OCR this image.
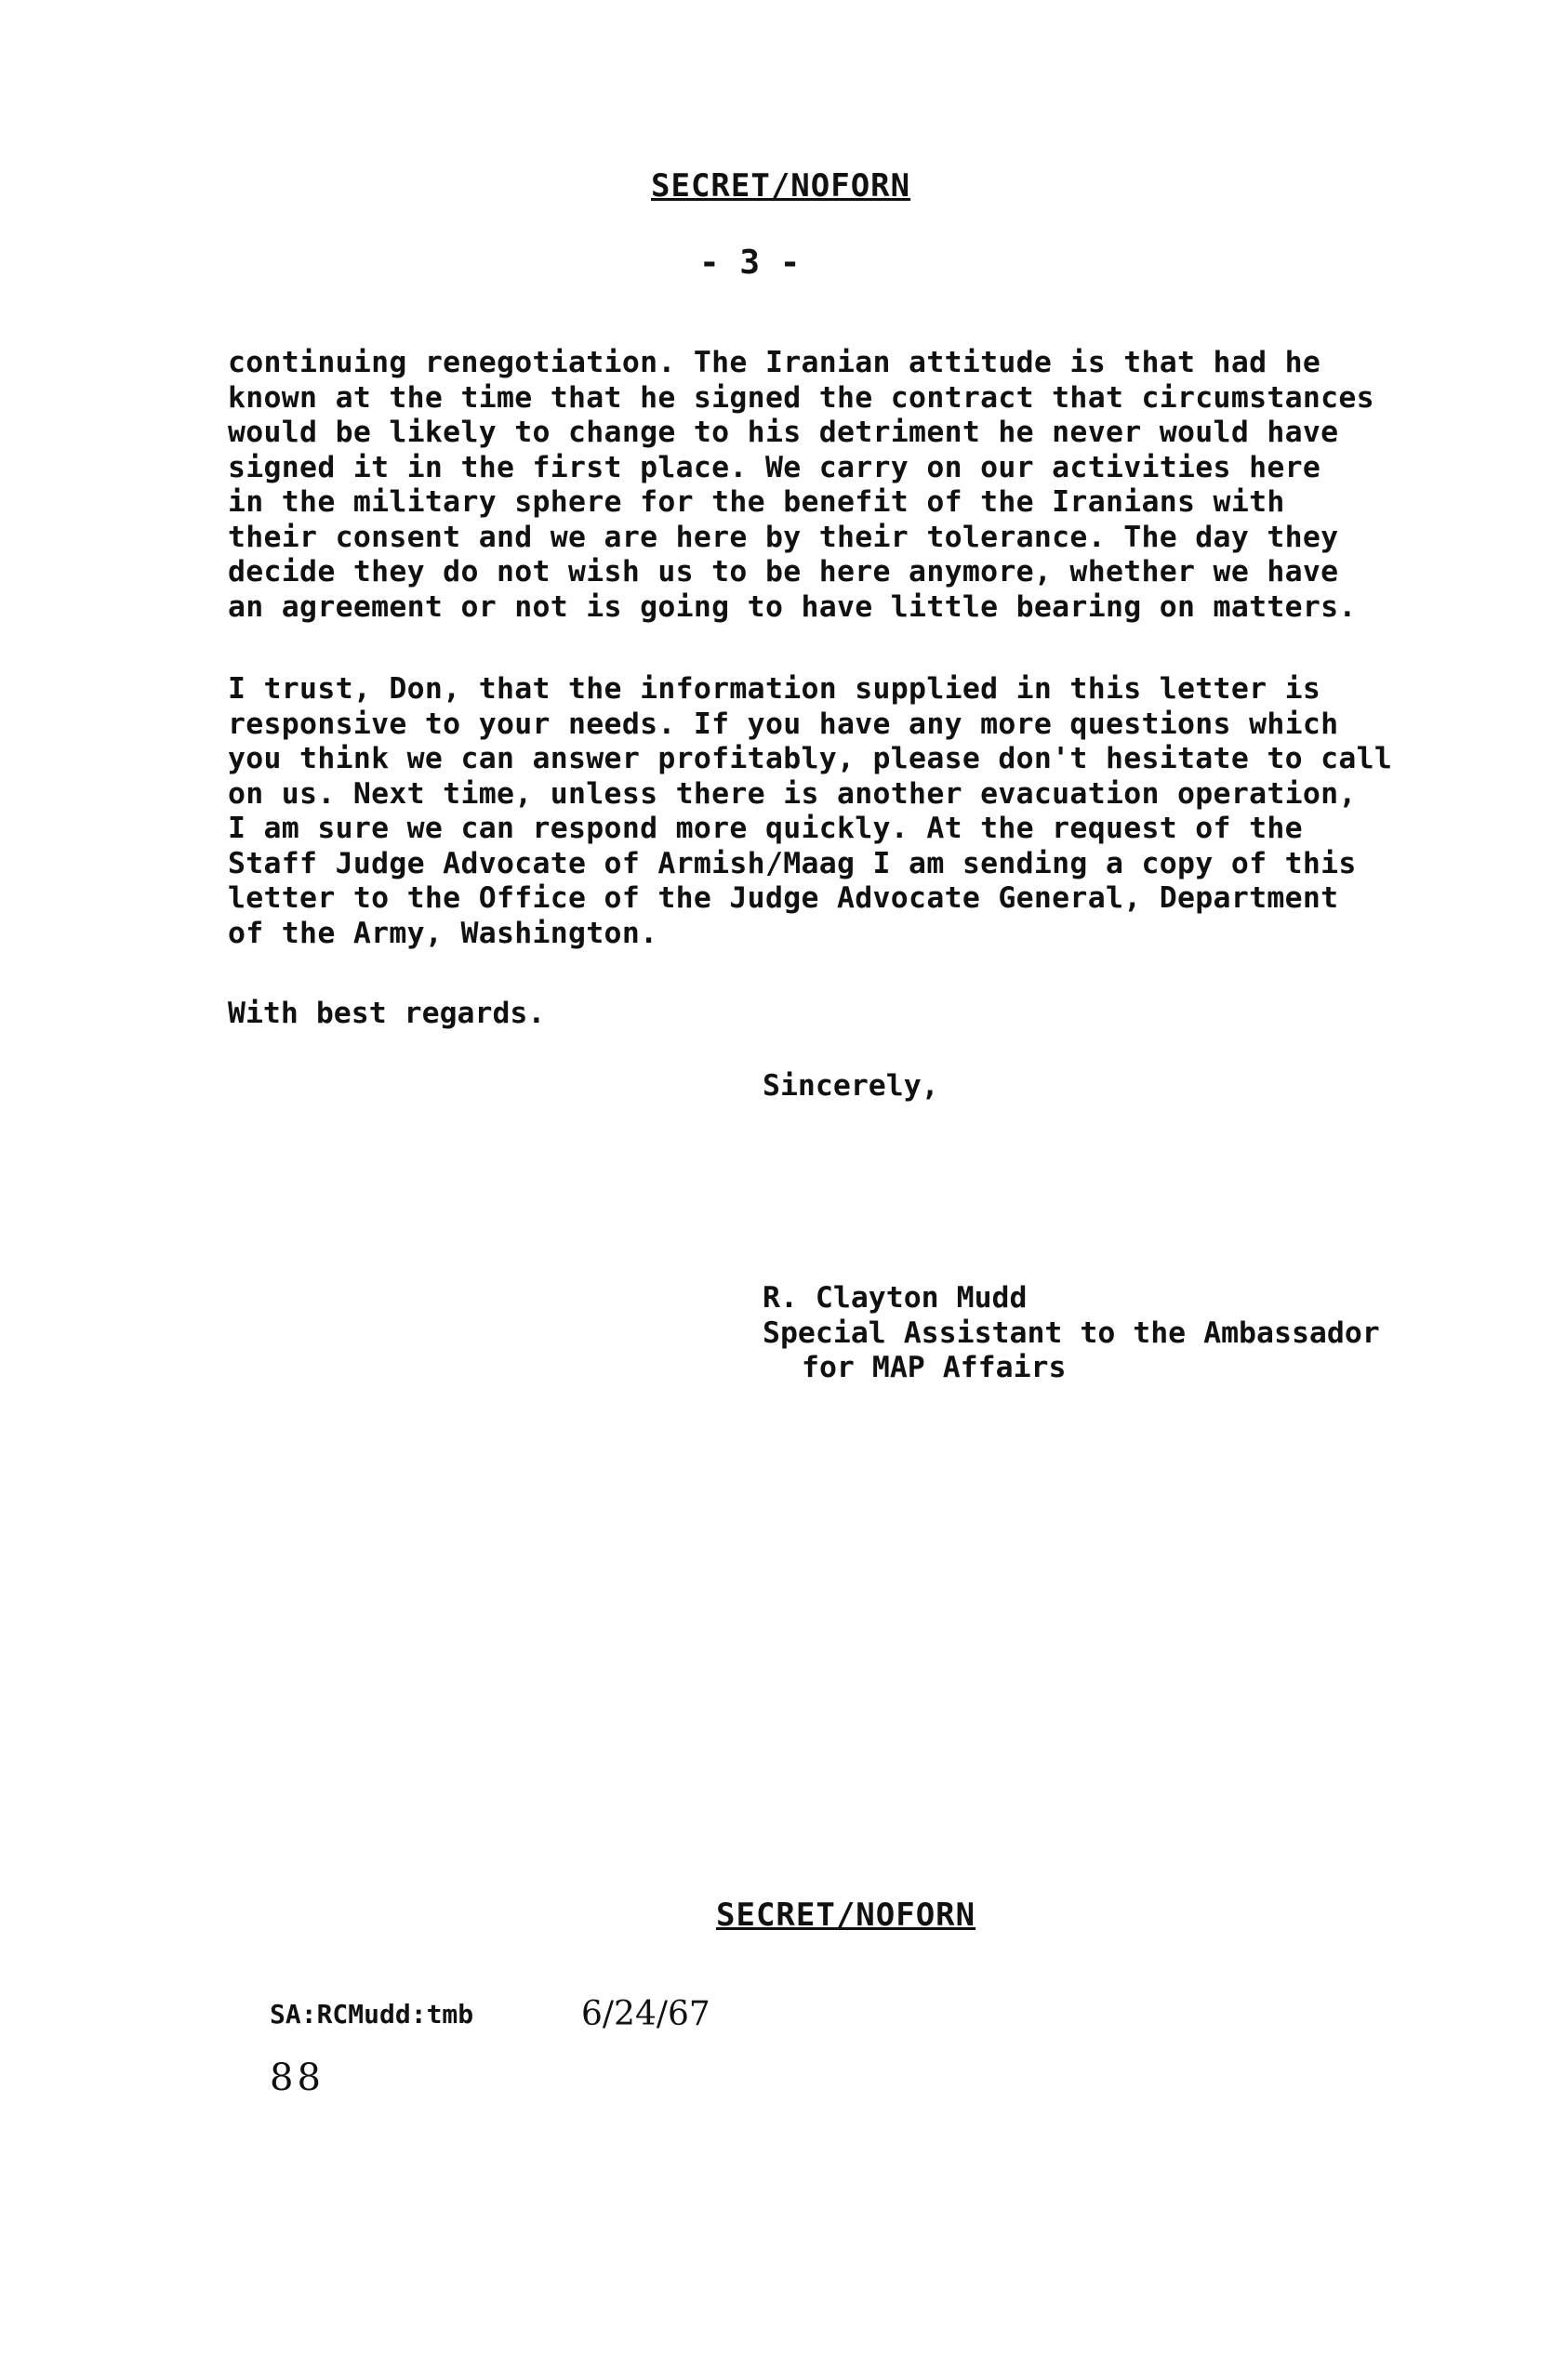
SECRET/NOFORN
- 3 -
continuing renegotiation. The Iranian attitude is that had he
known at the time that he signed the contract that circumstances
would be likely to change to his detriment he never would have
signed it in the first place. We carry on our activities here
in the military sphere for the benefit of the Iranians with
their consent and we are here by their tolerance. The day they
decide they do not wish us to be here anymore, whether we have
an agreement or not is going to have little bearing on matters.
I trust, Don, that the information supplied in this letter is
responsive to your needs. If you have any more questions which
you think we can answer profitably, please don't hesitate to call
on us. Next time, unless there is another evacuation operation,
I am sure we can respond more quickly. At the request of the
Staff Judge Advocate of Armish/Maag I am sending a copy of this
letter to the Office of the Judge Advocate General, Department
of the Army, Washington.
With best regards.
Sincerely,
R. Clayton Mudd
Special Assistant to the Ambassador
for MAP Affairs
SECRET/NOFORN
SA:RCMudd:tmb	6/24/67
88
